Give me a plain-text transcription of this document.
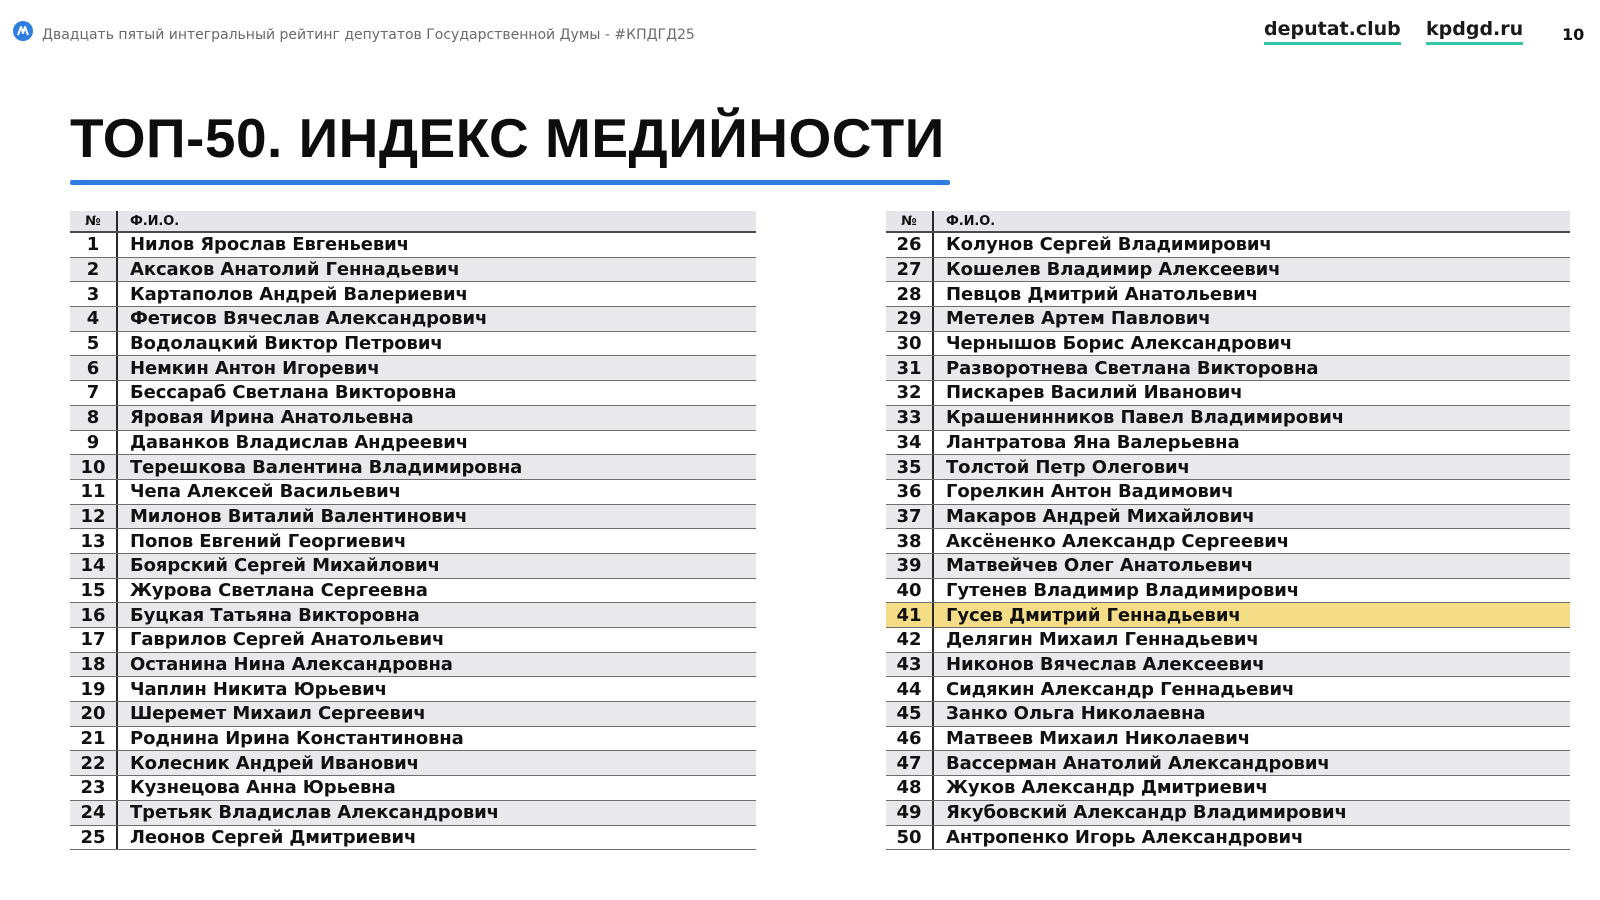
Двадцать пятый интегральный рейтинг депутатов Государственной Думы - #КПДГД25	deputat.club kpdgd.ru 10
ТОП-50. ИНДЕКС МЕДИЙНОСТИ
№	Ф.И.О.
1	Нилов Ярослав Евгеньевич
2	Аксаков Анатолий Геннадьевич
3	Картаполов Андрей Валериевич
4	Фетисов Вячеслав Александрович
5	Водолацкий Виктор Петрович
6	Немкин Антон Игоревич
7	Бессараб Светлана Викторовна
8	Яровая Ирина Анатольевна
9	Даванков Владислав Андреевич
10	Терешкова Валентина Владимировна
11	Чепа Алексей Васильевич
12	Милонов Виталий Валентинович
13	Попов Евгений Георгиевич
14	Боярский Сергей Михайлович
15	Журова Светлана Сергеевна
16	Буцкая Татьяна Викторовна
17	Гаврилов Сергей Анатольевич
18	Останина Нина Александровна
19	Чаплин Никита Юрьевич
20	Шеремет Михаил Сергеевич
21	Роднина Ирина Константиновна
22	Колесник Андрей Иванович
23	Кузнецова Анна Юрьевна
24	Третьяк Владислав Александрович
25	Леонов Сергей Дмитриевич
№	Ф.И.О.
26	Колунов Сергей Владимирович
27	Кошелев Владимир Алексеевич
28	Певцов Дмитрий Анатольевич
29	Метелев Артем Павлович
30	Чернышов Борис Александрович
31	Разворотнева Светлана Викторовна
32	Пискарев Василий Иванович
33	Крашенинников Павел Владимирович
34	Лантратова Яна Валерьевна
35	Толстой Петр Олегович
36	Горелкин Антон Вадимович
37	Макаров Андрей Михайлович
38	Аксёненко Александр Сергеевич
39	Матвейчев Олег Анатольевич
40	Гутенев Владимир Владимирович
41	Гусев Дмитрий Геннадьевич
42	Делягин Михаил Геннадьевич
43	Никонов Вячеслав Алексеевич
44	Сидякин Александр Геннадьевич
45	Занко Ольга Николаевна
46	Матвеев Михаил Николаевич
47	Вассерман Анатолий Александрович
48	Жуков Александр Дмитриевич
49	Якубовский Александр Владимирович
50	Антропенко Игорь Александрович
